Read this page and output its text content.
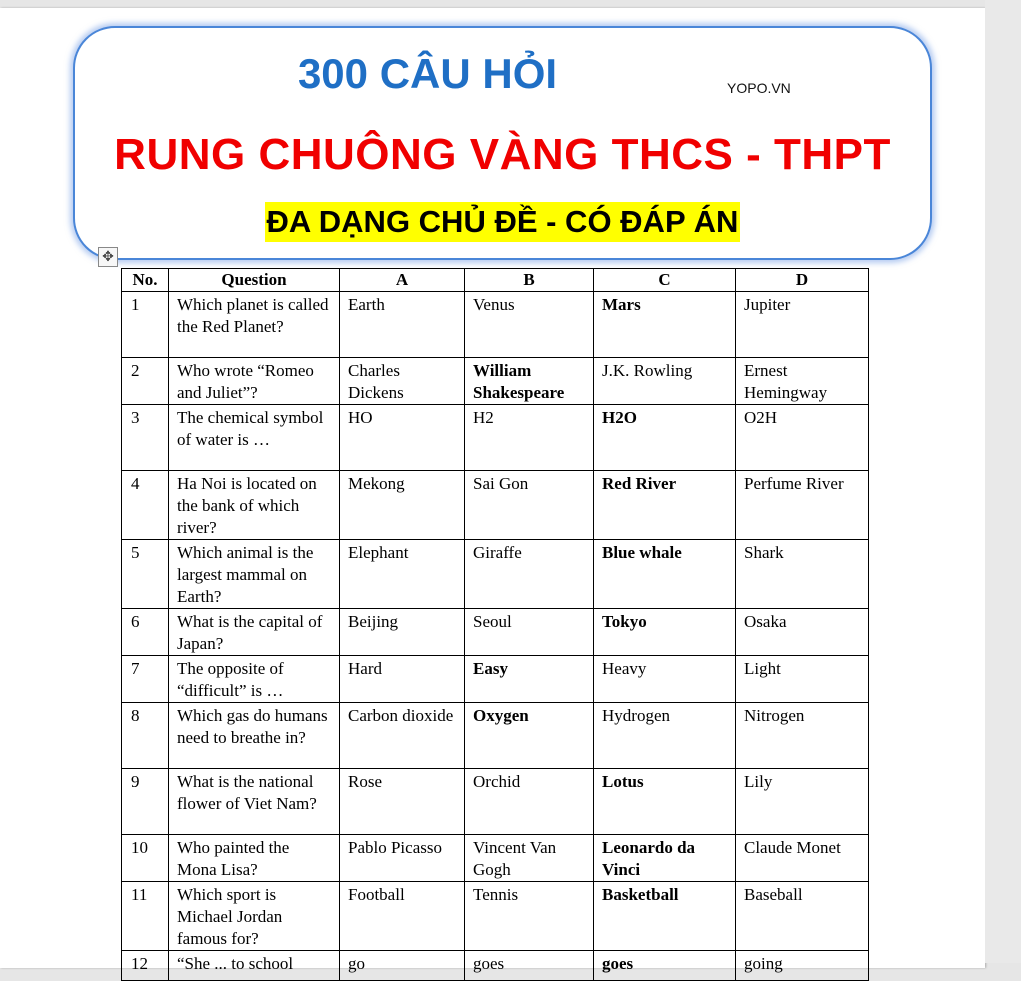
300 CÂU HỎI	YOPO.VN
RUNG CHUÔNG VÀNG THCS - THPT
ĐA DẠNG CHỦ ĐỀ - CÓ ĐÁP ÁN
✥
No.	Question	A	B	C	D
1	Which planet is called the Red Planet?	Earth	Venus	Mars	Jupiter
2	Who wrote “Romeo and Juliet”?	Charles Dickens	William Shakespeare	J.K. Rowling	Ernest Hemingway
3	The chemical symbol of water is …	HO	H2	H2O	O2H
4	Ha Noi is located on the bank of which river?	Mekong	Sai Gon	Red River	Perfume River
5	Which animal is the largest mammal on Earth?	Elephant	Giraffe	Blue whale	Shark
6	What is the capital of Japan?	Beijing	Seoul	Tokyo	Osaka
7	The opposite of “difficult” is …	Hard	Easy	Heavy	Light
8	Which gas do humans need to breathe in?	Carbon dioxide	Oxygen	Hydrogen	Nitrogen
9	What is the national flower of Viet Nam?	Rose	Orchid	Lotus	Lily
10	Who painted the Mona Lisa?	Pablo Picasso	Vincent Van Gogh	Leonardo da Vinci	Claude Monet
11	Which sport is Michael Jordan famous for?	Football	Tennis	Basketball	Baseball
12	“She ... to school	go	goes	goes	going
